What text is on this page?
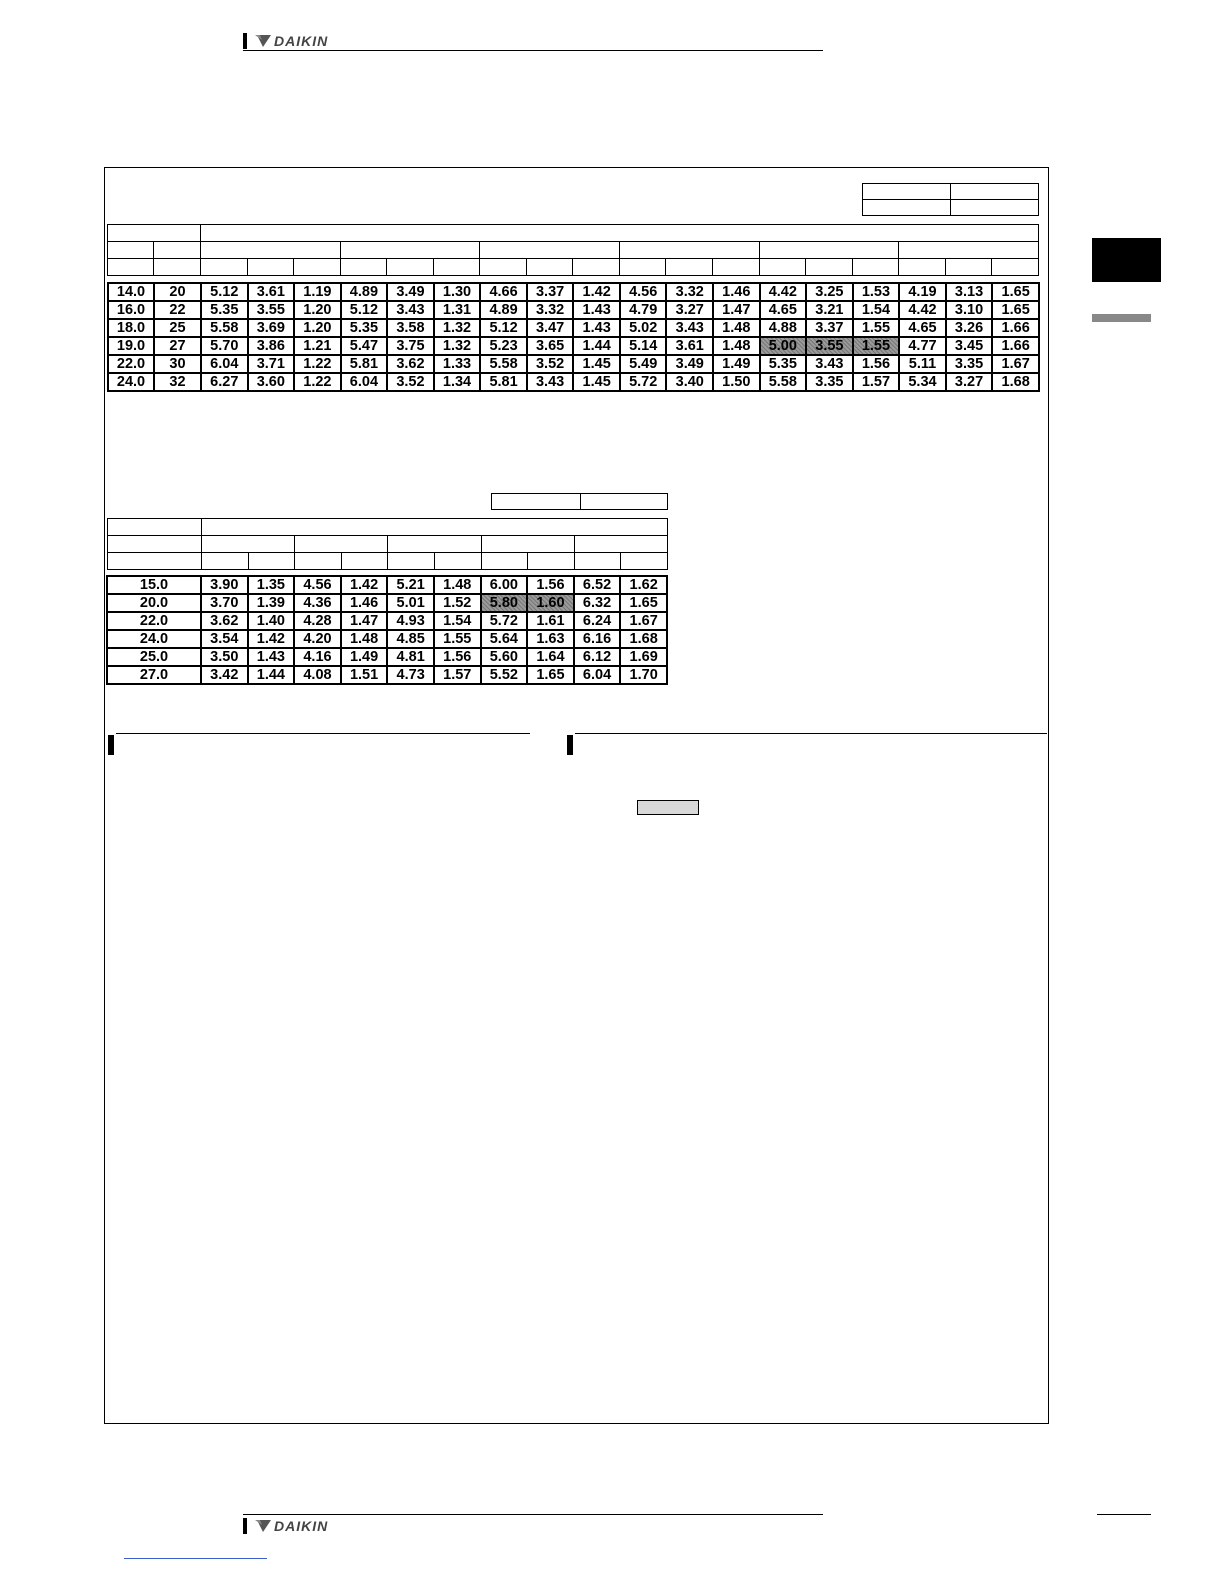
DAIKIN

14.0	20	5.12	3.61	1.19	4.89	3.49	1.30	4.66	3.37	1.42	4.56	3.32	1.46	4.42	3.25	1.53	4.19	3.13	1.65
16.0	22	5.35	3.55	1.20	5.12	3.43	1.31	4.89	3.32	1.43	4.79	3.27	1.47	4.65	3.21	1.54	4.42	3.10	1.65
18.0	25	5.58	3.69	1.20	5.35	3.58	1.32	5.12	3.47	1.43	5.02	3.43	1.48	4.88	3.37	1.55	4.65	3.26	1.66
19.0	27	5.70	3.86	1.21	5.47	3.75	1.32	5.23	3.65	1.44	5.14	3.61	1.48	5.00	3.55	1.55	4.77	3.45	1.66
22.0	30	6.04	3.71	1.22	5.81	3.62	1.33	5.58	3.52	1.45	5.49	3.49	1.49	5.35	3.43	1.56	5.11	3.35	1.67
24.0	32	6.27	3.60	1.22	6.04	3.52	1.34	5.81	3.43	1.45	5.72	3.40	1.50	5.58	3.35	1.57	5.34	3.27	1.68

15.0	3.90	1.35	4.56	1.42	5.21	1.48	6.00	1.56	6.52	1.62
20.0	3.70	1.39	4.36	1.46	5.01	1.52	5.80	1.60	6.32	1.65
22.0	3.62	1.40	4.28	1.47	4.93	1.54	5.72	1.61	6.24	1.67
24.0	3.54	1.42	4.20	1.48	4.85	1.55	5.64	1.63	6.16	1.68
25.0	3.50	1.43	4.16	1.49	4.81	1.56	5.60	1.64	6.12	1.69
27.0	3.42	1.44	4.08	1.51	4.73	1.57	5.52	1.65	6.04	1.70
DAIKIN
